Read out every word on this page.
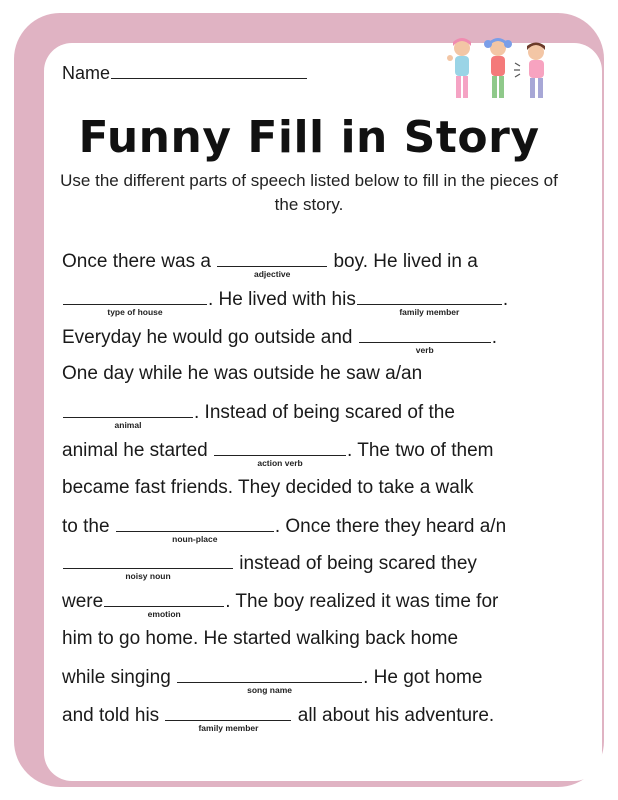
Name
Funny Fill in Story
Use the different parts of speech listed below to fill in the pieces of the story.
Once there was a
adjective
boy. He lived in a
type of house
. He lived with his
family member
.
Everyday he would go outside and
verb
.
One day while he was outside he saw a/an
animal
. Instead of being scared of the
animal he started
action verb
. The two of them
became fast friends. They decided to take a walk
to the
noun-place
. Once there they heard a/n
noisy noun
instead of being scared they
were
emotion
. The boy realized it was time for
him to go home. He started walking back home
while singing
song name
. He got home
and told his
family member
all about his adventure.
